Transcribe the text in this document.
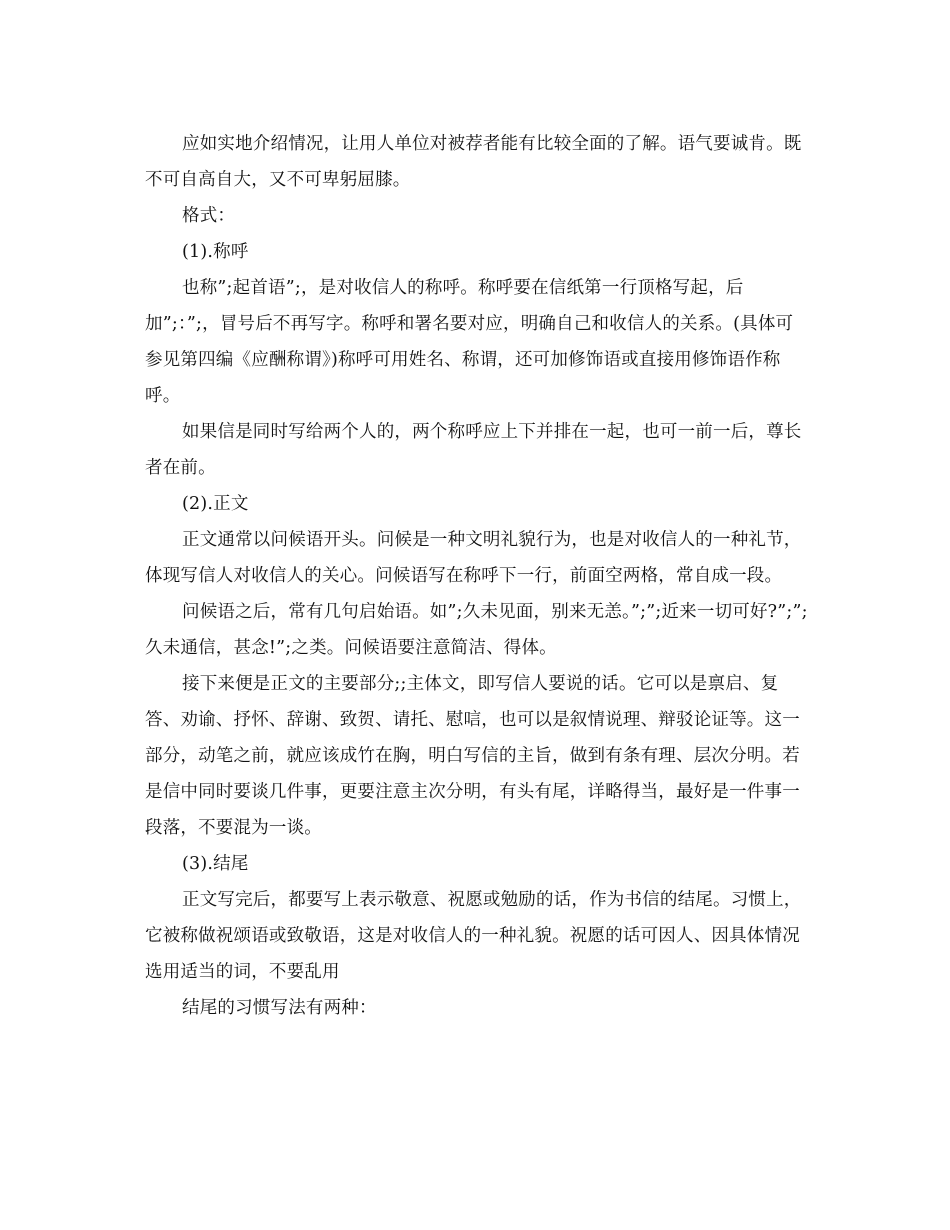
应如实地介绍情况，让用人单位对被荐者能有比较全面的了解。语气要诚肯。既不可自高自大，又不可卑躬屈膝。

格式：

(1).称呼

也称”;起首语”;，是对收信人的称呼。称呼要在信纸第一行顶格写起，后加”;：”;，冒号后不再写字。称呼和署名要对应，明确自己和收信人的关系。(具体可参见第四编《应酬称谓》)称呼可用姓名、称谓，还可加修饰语或直接用修饰语作称呼。

如果信是同时写给两个人的，两个称呼应上下并排在一起，也可一前一后，尊长者在前。

(2).正文

正文通常以问候语开头。问候是一种文明礼貌行为，也是对收信人的一种礼节，体现写信人对收信人的关心。问候语写在称呼下一行，前面空两格，常自成一段。

问候语之后，常有几句启始语。如”;久未见面，别来无恙。”;”;近来一切可好?”;”;久未通信，甚念!”;之类。问候语要注意简洁、得体。

接下来便是正文的主要部分;;主体文，即写信人要说的话。它可以是禀启、复答、劝谕、抒怀、辞谢、致贺、请托、慰唁，也可以是叙情说理、辩驳论证等。这一部分，动笔之前，就应该成竹在胸，明白写信的主旨，做到有条有理、层次分明。若是信中同时要谈几件事，更要注意主次分明，有头有尾，详略得当，最好是一件事一段落，不要混为一谈。

(3).结尾

正文写完后，都要写上表示敬意、祝愿或勉励的话，作为书信的结尾。习惯上，它被称做祝颂语或致敬语，这是对收信人的一种礼貌。祝愿的话可因人、因具体情况选用适当的词，不要乱用

结尾的习惯写法有两种：
